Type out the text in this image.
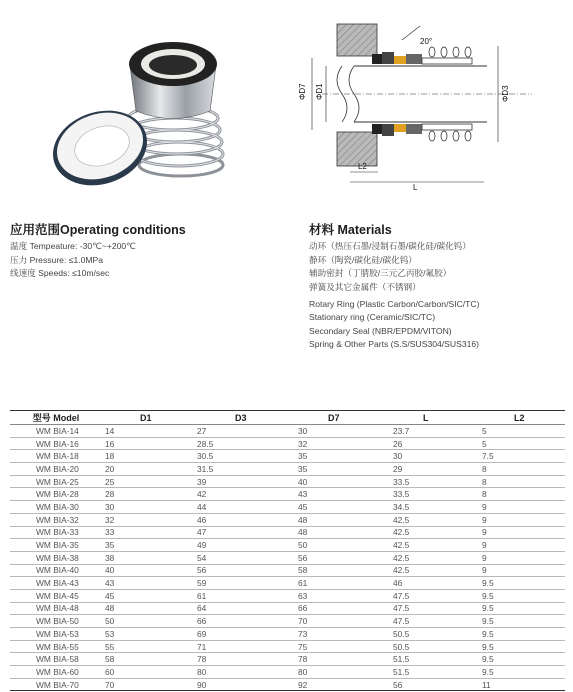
ΦD7 ΦD1	ΦD3
20°
L2
L
应用范围Operating conditions
温度 Tempeature: -30℃~+200℃
压力 Pressure: ≤1.0MPa
线速度 Speeds: ≤10m/sec
材料 Materials
动环（热压石墨/浸制石墨/碳化硅/碳化钨）
静环（陶瓷/碳化硅/碳化钨）
辅助密封（丁腈胶/三元乙丙胶/氟胶）
弹簧及其它金属件（不锈钢）
Rotary Ring (Plastic Carbon/Carbon/SIC/TC)
Stationary ring (Ceramic/SIC/TC)
Secondary Seal (NBR/EPDM/VITON)
Spring & Other Parts (S.S/SUS304/SUS316)
型号 Model	D1	D3	D7	L	L2
WM BIA-14	14	27	30	23.7	5
WM BIA-16	16	28.5	32	26	5
WM BIA-18	18	30.5	35	30	7.5
WM BIA-20	20	31.5	35	29	8
WM BIA-25	25	39	40	33.5	8
WM BIA-28	28	42	43	33.5	8
WM BIA-30	30	44	45	34.5	9
WM BIA-32	32	46	48	42.5	9
WM BIA-33	33	47	48	42.5	9
WM BIA-35	35	49	50	42.5	9
WM BIA-38	38	54	56	42.5	9
WM BIA-40	40	56	58	42.5	9
WM BIA-43	43	59	61	46	9.5
WM BIA-45	45	61	63	47.5	9.5
WM BIA-48	48	64	66	47.5	9.5
WM BIA-50	50	66	70	47.5	9.5
WM BIA-53	53	69	73	50.5	9.5
WM BIA-55	55	71	75	50.5	9.5
WM BIA-58	58	78	78	51.5	9.5
WM BIA-60	60	80	80	51.5	9.5
WM BIA-70	70	90	92	56	11
